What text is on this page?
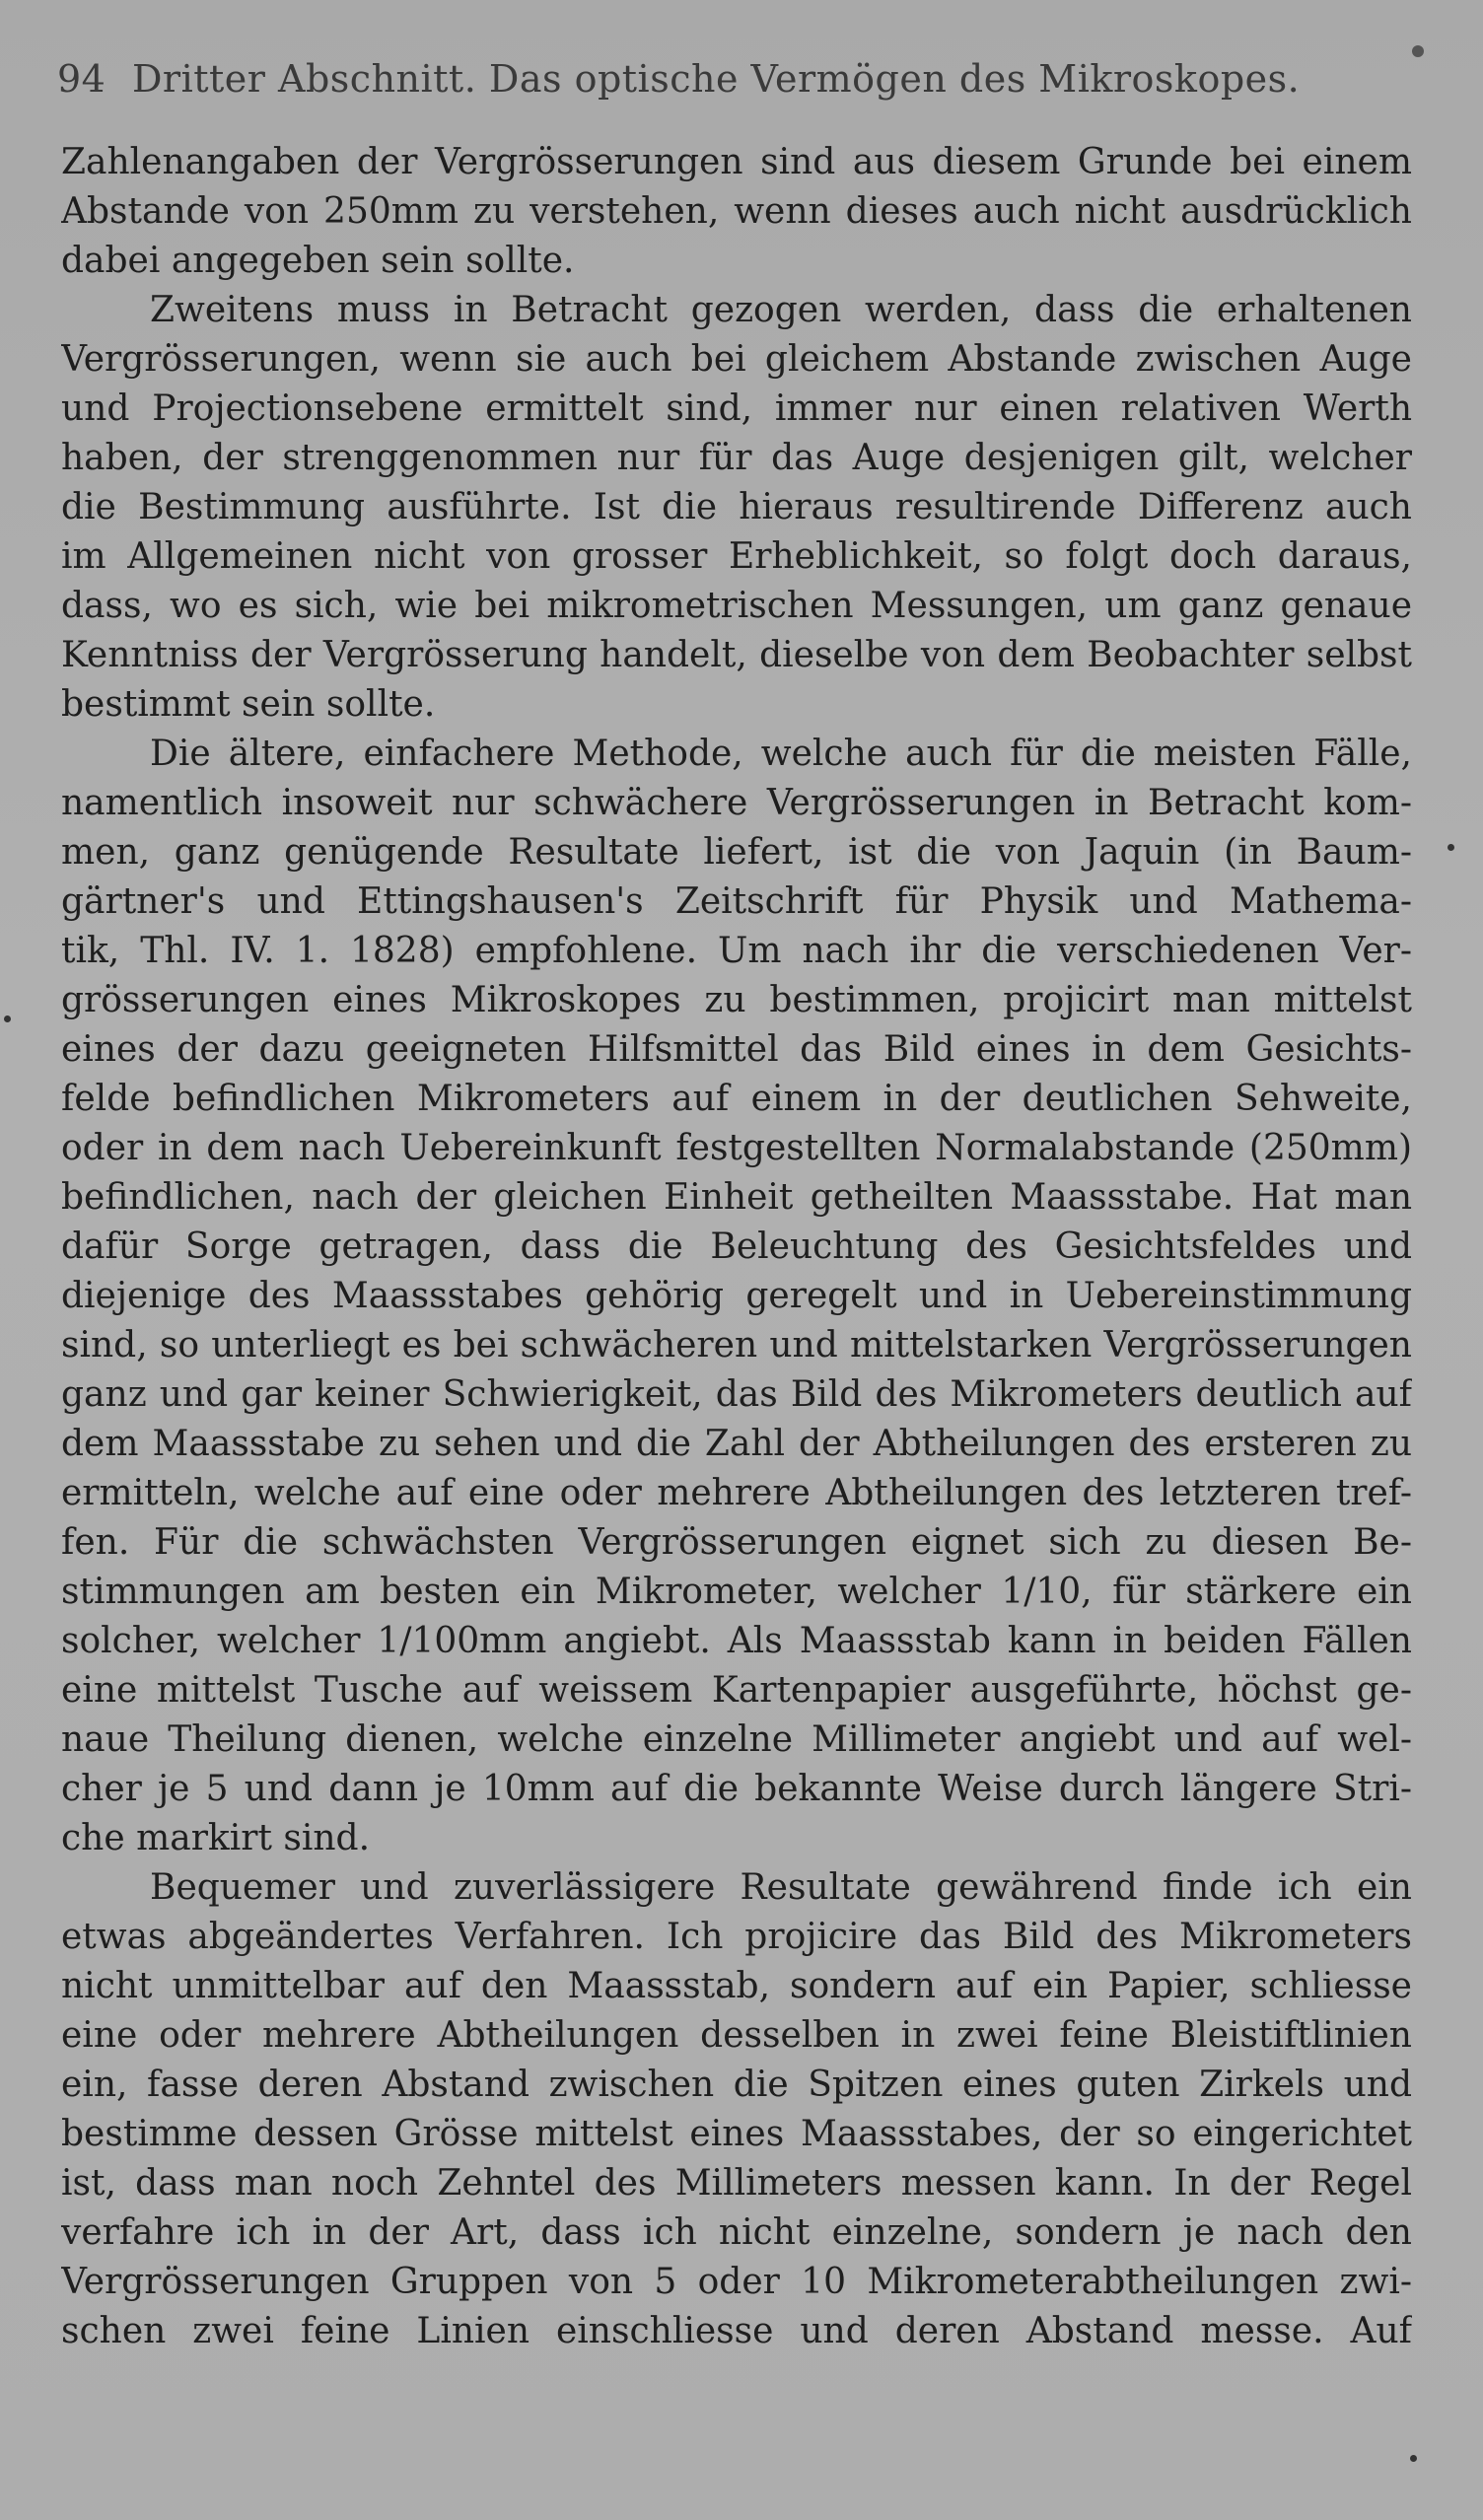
94 Dritter Abschnitt. Das optische Vermögen des Mikroskopes.
Zahlenangaben der Vergrösserungen sind aus diesem Grunde bei einem
Abstande von 250mm zu verstehen, wenn dieses auch nicht ausdrücklich
dabei angegeben sein sollte.
Zweitens muss in Betracht gezogen werden, dass die erhaltenen
Vergrösserungen, wenn sie auch bei gleichem Abstande zwischen Auge
und Projectionsebene ermittelt sind, immer nur einen relativen Werth
haben, der strenggenommen nur für das Auge desjenigen gilt, welcher
die Bestimmung ausführte. Ist die hieraus resultirende Differenz auch
im Allgemeinen nicht von grosser Erheblichkeit, so folgt doch daraus,
dass, wo es sich, wie bei mikrometrischen Messungen, um ganz genaue
Kenntniss der Vergrösserung handelt, dieselbe von dem Beobachter selbst
bestimmt sein sollte.
Die ältere, einfachere Methode, welche auch für die meisten Fälle,
namentlich insoweit nur schwächere Vergrösserungen in Betracht kom-
men, ganz genügende Resultate liefert, ist die von Jaquin (in Baum-
gärtner's und Ettingshausen's Zeitschrift für Physik und Mathema-
tik, Thl. IV. 1. 1828) empfohlene. Um nach ihr die verschiedenen Ver-
grösserungen eines Mikroskopes zu bestimmen, projicirt man mittelst
eines der dazu geeigneten Hilfsmittel das Bild eines in dem Gesichts-
felde befindlichen Mikrometers auf einem in der deutlichen Sehweite,
oder in dem nach Uebereinkunft festgestellten Normalabstande (250mm)
befindlichen, nach der gleichen Einheit getheilten Maassstabe. Hat man
dafür Sorge getragen, dass die Beleuchtung des Gesichtsfeldes und
diejenige des Maassstabes gehörig geregelt und in Uebereinstimmung
sind, so unterliegt es bei schwächeren und mittelstarken Vergrösserungen
ganz und gar keiner Schwierigkeit, das Bild des Mikrometers deutlich auf
dem Maassstabe zu sehen und die Zahl der Abtheilungen des ersteren zu
ermitteln, welche auf eine oder mehrere Abtheilungen des letzteren tref-
fen. Für die schwächsten Vergrösserungen eignet sich zu diesen Be-
stimmungen am besten ein Mikrometer, welcher 1/10, für stärkere ein
solcher, welcher 1/100mm angiebt. Als Maassstab kann in beiden Fällen
eine mittelst Tusche auf weissem Kartenpapier ausgeführte, höchst ge-
naue Theilung dienen, welche einzelne Millimeter angiebt und auf wel-
cher je 5 und dann je 10mm auf die bekannte Weise durch längere Stri-
che markirt sind.
Bequemer und zuverlässigere Resultate gewährend finde ich ein
etwas abgeändertes Verfahren. Ich projicire das Bild des Mikrometers
nicht unmittelbar auf den Maassstab, sondern auf ein Papier, schliesse
eine oder mehrere Abtheilungen desselben in zwei feine Bleistiftlinien
ein, fasse deren Abstand zwischen die Spitzen eines guten Zirkels und
bestimme dessen Grösse mittelst eines Maassstabes, der so eingerichtet
ist, dass man noch Zehntel des Millimeters messen kann. In der Regel
verfahre ich in der Art, dass ich nicht einzelne, sondern je nach den
Vergrösserungen Gruppen von 5 oder 10 Mikrometerabtheilungen zwi-
schen zwei feine Linien einschliesse und deren Abstand messe. Auf
